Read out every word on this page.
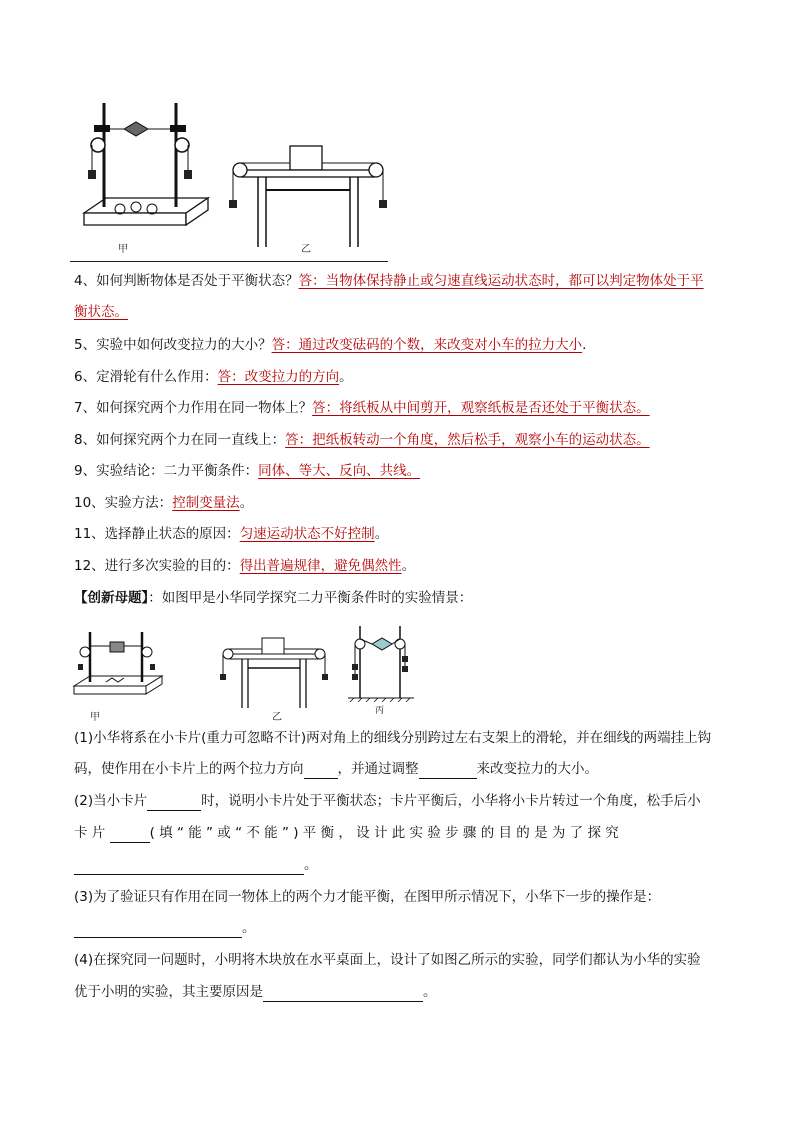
甲	乙
4、如何判断物体是否处于平衡状态？答：当物体保持静止或匀速直线运动状态时，都可以判定物体处于平
衡状态。
5、实验中如何改变拉力的大小？答：通过改变砝码的个数，来改变对小车的拉力大小.
6、定滑轮有什么作用：答：改变拉力的方向。
7、如何探究两个力作用在同一物体上？答：将纸板从中间剪开，观察纸板是否还处于平衡状态。
8、如何探究两个力在同一直线上：答：把纸板转动一个角度，然后松手，观察小车的运动状态。
9、实验结论：二力平衡条件：同体、等大、反向、共线。
10、实验方法：控制变量法。
11、选择静止状态的原因：匀速运动状态不好控制。
12、进行多次实验的目的：得出普遍规律，避免偶然性。
【创新母题】：如图甲是小华同学探究二力平衡条件时的实验情景：
甲	乙
丙
(1)小华将系在小卡片(重力可忽略不计)两对角上的细线分别跨过左右支架上的滑轮，并在细线的两端挂上钩
码，使作用在小卡片上的两个拉力方向	，并通过调整	来改变拉力的大小。
(2)当小卡片	时，说明小卡片处于平衡状态；卡片平衡后，小华将小卡片转过一个角度，松手后小
卡 片	( 填 “ 能 ” 或 “ 不 能 ” ) 平 衡 ， 设 计 此 实 验 步 骤 的 目 的 是 为 了 探 究
。
(3)为了验证只有作用在同一物体上的两个力才能平衡，在图甲所示情况下，小华下一步的操作是：
。
(4)在探究同一问题时，小明将木块放在水平桌面上，设计了如图乙所示的实验，同学们都认为小华的实验
优于小明的实验，其主要原因是	。
